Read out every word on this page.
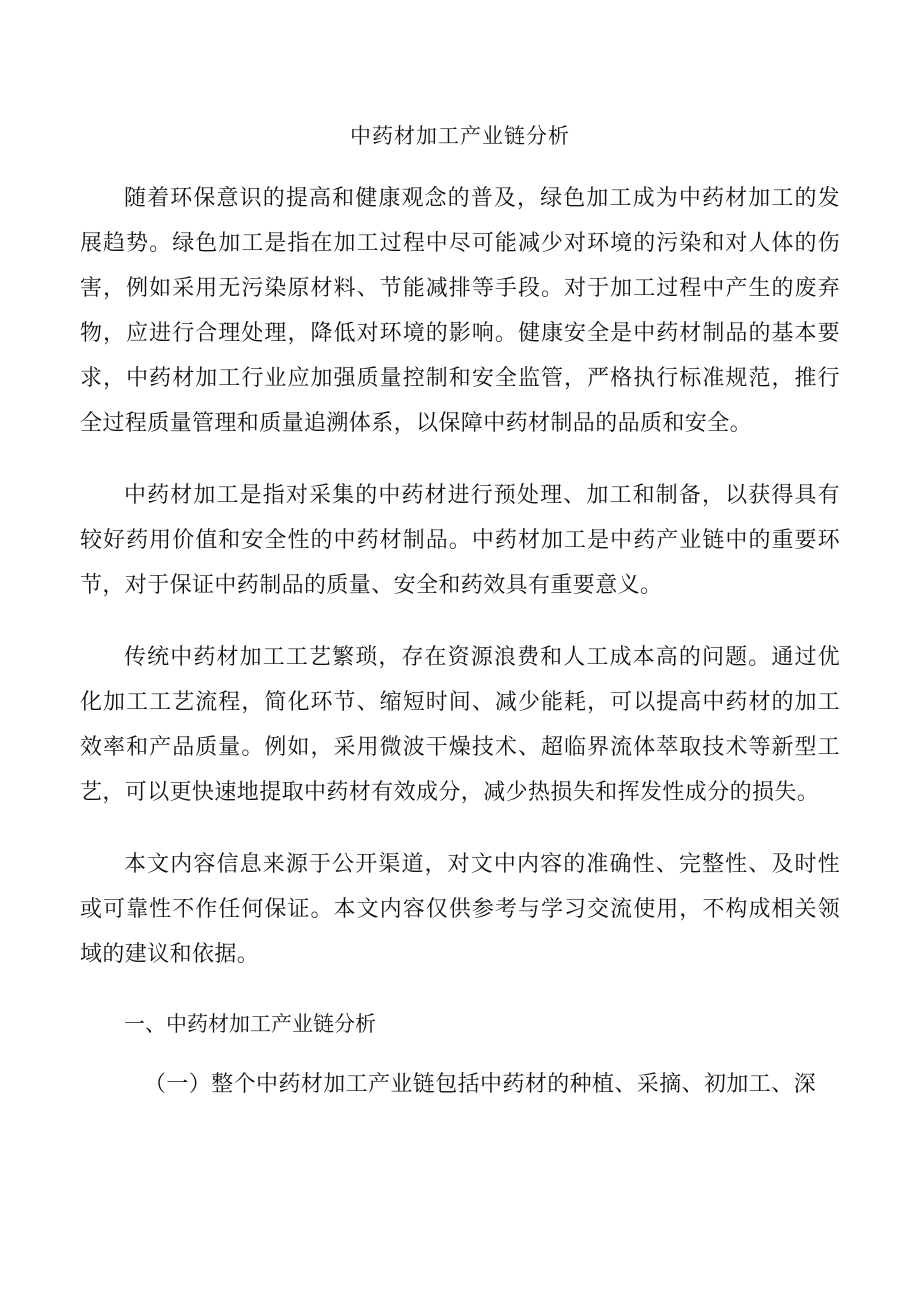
中药材加工产业链分析

随着环保意识的提高和健康观念的普及，绿色加工成为中药材加工的发展趋势。绿色加工是指在加工过程中尽可能减少对环境的污染和对人体的伤害，例如采用无污染原材料、节能减排等手段。对于加工过程中产生的废弃物，应进行合理处理，降低对环境的影响。健康安全是中药材制品的基本要求，中药材加工行业应加强质量控制和安全监管，严格执行标准规范，推行全过程质量管理和质量追溯体系，以保障中药材制品的品质和安全。

中药材加工是指对采集的中药材进行预处理、加工和制备，以获得具有较好药用价值和安全性的中药材制品。中药材加工是中药产业链中的重要环节，对于保证中药制品的质量、安全和药效具有重要意义。

传统中药材加工工艺繁琐，存在资源浪费和人工成本高的问题。通过优化加工工艺流程，简化环节、缩短时间、减少能耗，可以提高中药材的加工效率和产品质量。例如，采用微波干燥技术、超临界流体萃取技术等新型工艺，可以更快速地提取中药材有效成分，减少热损失和挥发性成分的损失。

本文内容信息来源于公开渠道，对文中内容的准确性、完整性、及时性或可靠性不作任何保证。本文内容仅供参考与学习交流使用，不构成相关领域的建议和依据。

一、中药材加工产业链分析

（一）整个中药材加工产业链包括中药材的种植、采摘、初加工、深
